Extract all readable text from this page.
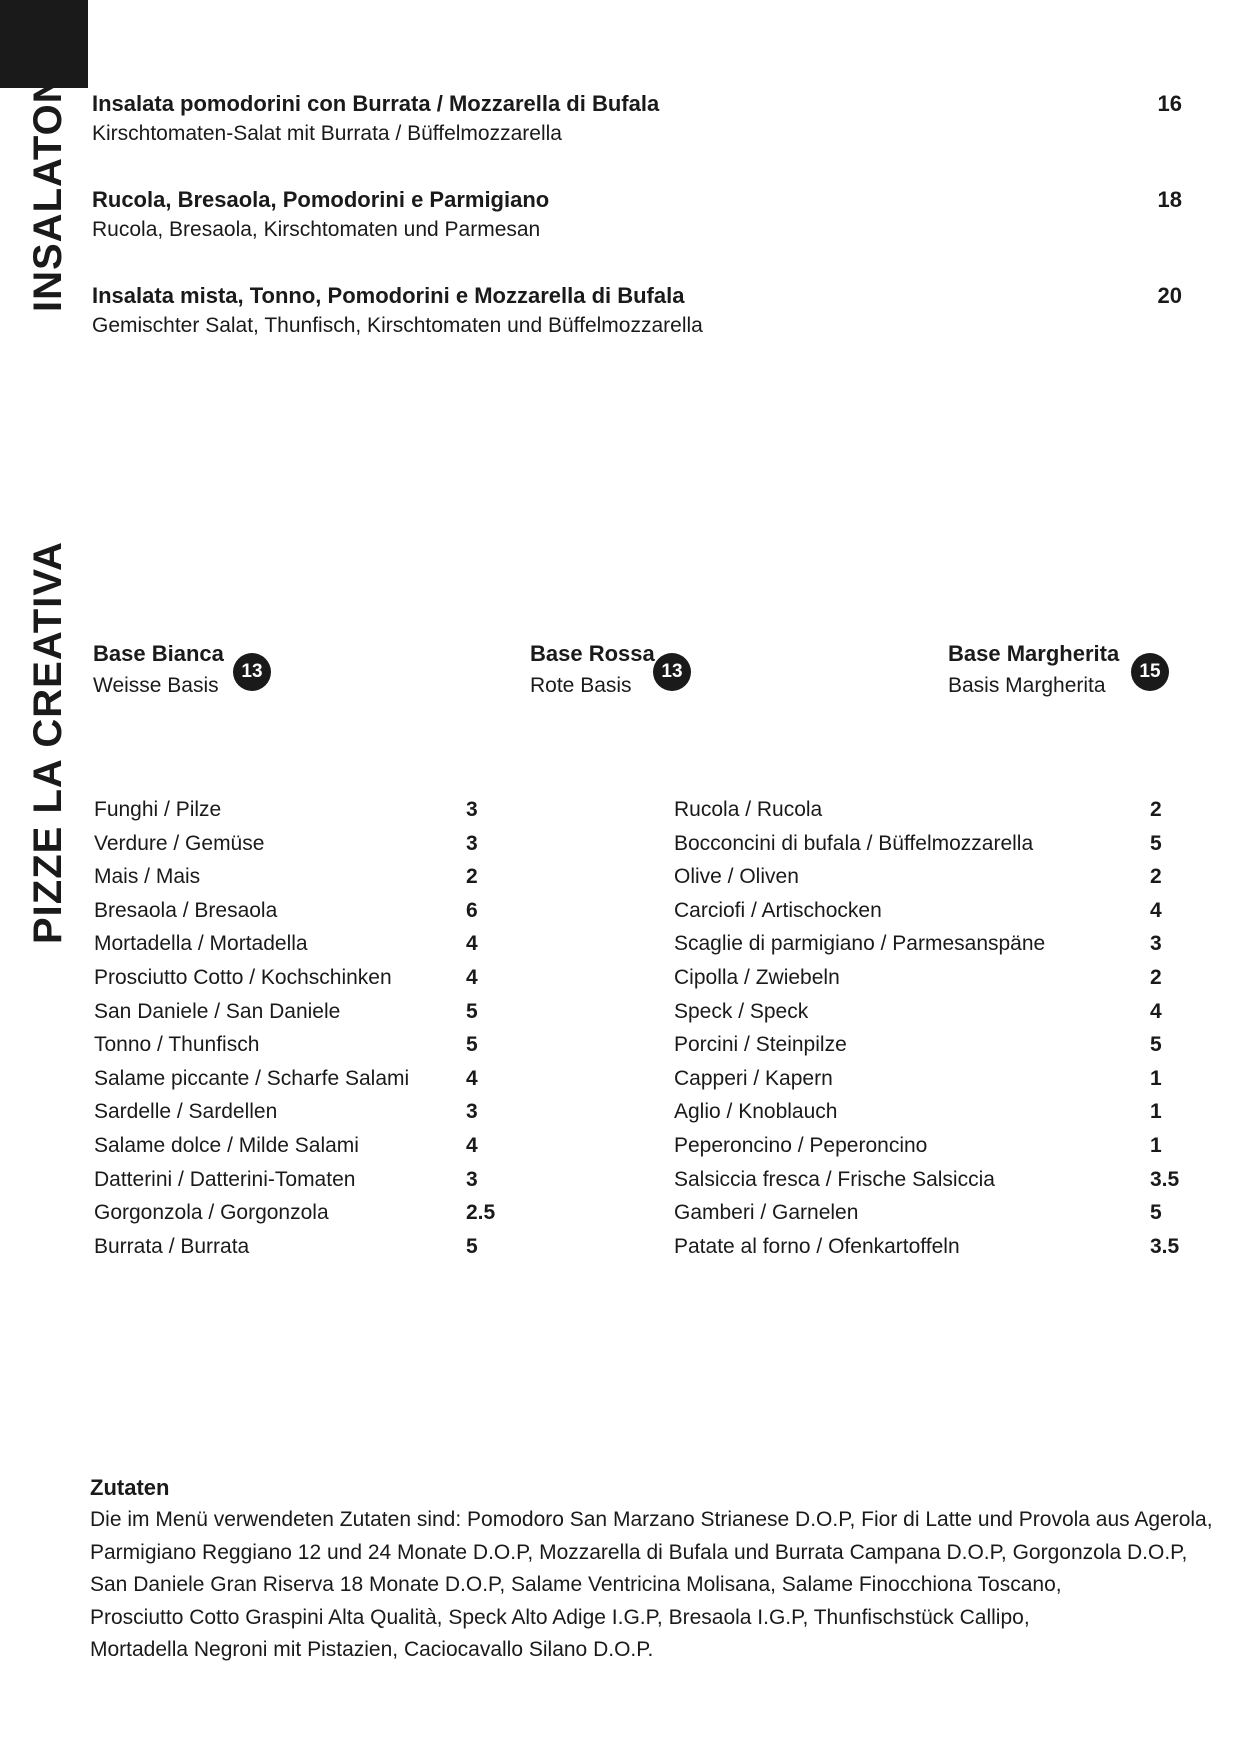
INSALATONE
PIZZE LA CREATIVA
Insalata pomodorini con Burrata / Mozzarella di Bufala
Kirschtomaten-Salat mit Burrata / Büffelmozzarella
16
Rucola, Bresaola, Pomodorini e Parmigiano
Rucola, Bresaola, Kirschtomaten und Parmesan
18
Insalata mista, Tonno, Pomodorini e Mozzarella di Bufala
Gemischter Salat, Thunfisch, Kirschtomaten und Büffelmozzarella
20
Base Bianca
Weisse Basis
13
Base Rossa
Rote Basis
13
Base Margherita
Basis Margherita
15
Funghi / Pilze	3
Verdure / Gemüse	3
Mais / Mais	2
Bresaola / Bresaola	6
Mortadella / Mortadella	4
Prosciutto Cotto / Kochschinken	4
San Daniele / San Daniele	5
Tonno / Thunfisch	5
Salame piccante / Scharfe Salami	4
Sardelle / Sardellen	3
Salame dolce / Milde Salami	4
Datterini / Datterini-Tomaten	3
Gorgonzola / Gorgonzola	2.5
Burrata / Burrata	5
Rucola / Rucola	2
Bocconcini di bufala / Büffelmozzarella	5
Olive / Oliven	2
Carciofi / Artischocken	4
Scaglie di parmigiano / Parmesanspäne	3
Cipolla / Zwiebeln	2
Speck / Speck	4
Porcini / Steinpilze	5
Capperi / Kapern	1
Aglio / Knoblauch	1
Peperoncino / Peperoncino	1
Salsiccia fresca / Frische Salsiccia	3.5
Gamberi / Garnelen	5
Patate al forno / Ofenkartoffeln	3.5
Zutaten
Die im Menü verwendeten Zutaten sind: Pomodoro San Marzano Strianese D.O.P, Fior di Latte und Provola aus Agerola,
Parmigiano Reggiano 12 und 24 Monate D.O.P, Mozzarella di Bufala und Burrata Campana D.O.P, Gorgonzola D.O.P,
San Daniele Gran Riserva 18 Monate D.O.P, Salame Ventricina Molisana, Salame Finocchiona Toscano,
Prosciutto Cotto Graspini Alta Qualità, Speck Alto Adige I.G.P, Bresaola I.G.P, Thunfischstück Callipo,
Mortadella Negroni mit Pistazien, Caciocavallo Silano D.O.P.
